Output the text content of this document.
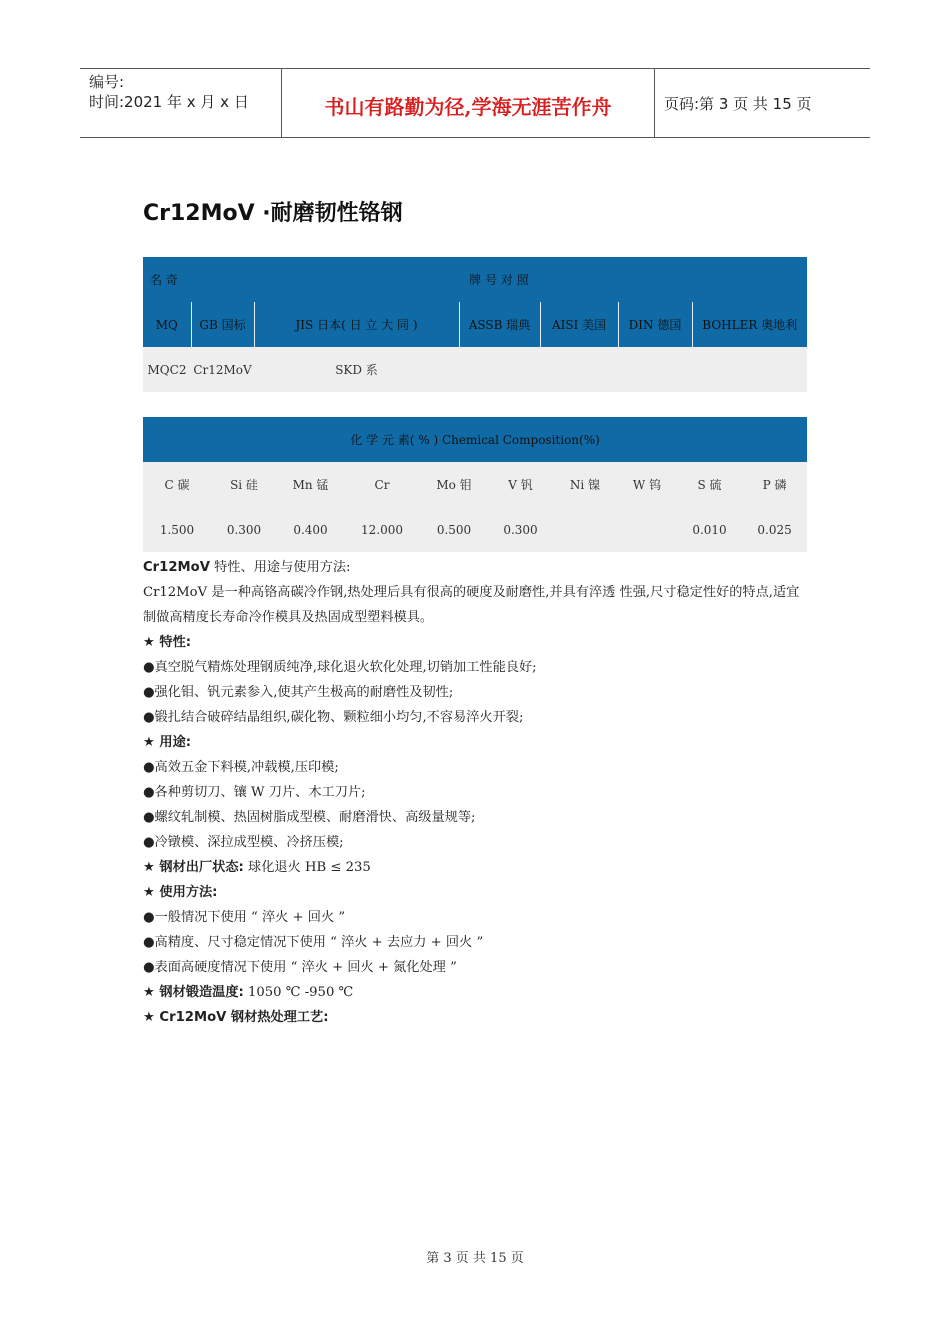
编号:
时间:2021 年 x 月 x 日	书山有路勤为径,学海无涯苦作舟	页码:第 3 页 共 15 页
Cr12MoV ·耐磨韧性铬钢
名 奇	牌 号 对 照					
MQ	GB 国标	JIS 日本( 日 立 大 同 )	ASSB 瑞典	AISI 美国	DIN 德国	BOHLER 奥地利
MQC2	Cr12MoV	SKD 系				
化 学 元 素( % ) Chemical Composition(%)									
C 碳	Si 硅	Mn 锰	Cr	Mo 钼	V 钒	Ni 镍	W 钨	S 硫	P 磷
1.500	0.300	0.400	12.000	0.500	0.300			0.010	0.025

Cr12MoV 特性、用途与使用方法:

Cr12MoV 是一种高铬高碳冷作钢,热处理后具有很高的硬度及耐磨性,并具有淬透 性强,尺寸稳定性好的特点,适宜制做高精度长寿命冷作模具及热固成型塑料模具。

★ 特性:

●真空脱气精炼处理钢质纯净,球化退火软化处理,切销加工性能良好;

●强化钼、钒元素参入,使其产生极高的耐磨性及韧性;

●锻扎结合破碎结晶组织,碳化物、颗粒细小均匀,不容易淬火开裂;

★ 用途:

●高效五金下料模,冲载模,压印模;

●各种剪切刀、镶 W 刀片、木工刀片;

●螺纹轧制模、热固树脂成型模、耐磨滑快、高级量规等;

●冷镦模、深拉成型模、冷挤压模;

★ 钢材出厂状态: 球化退火 HB ≤ 235

★ 使用方法:

●一般情况下使用 “ 淬火 + 回火 ”

●高精度、尺寸稳定情况下使用 “ 淬火 + 去应力 + 回火 ”

●表面高硬度情况下使用 “ 淬火 + 回火 + 氮化处理 ”

★ 钢材锻造温度: 1050 ℃ -950 ℃

★ Cr12MoV 钢材热处理工艺:

第 3 页 共 15 页
